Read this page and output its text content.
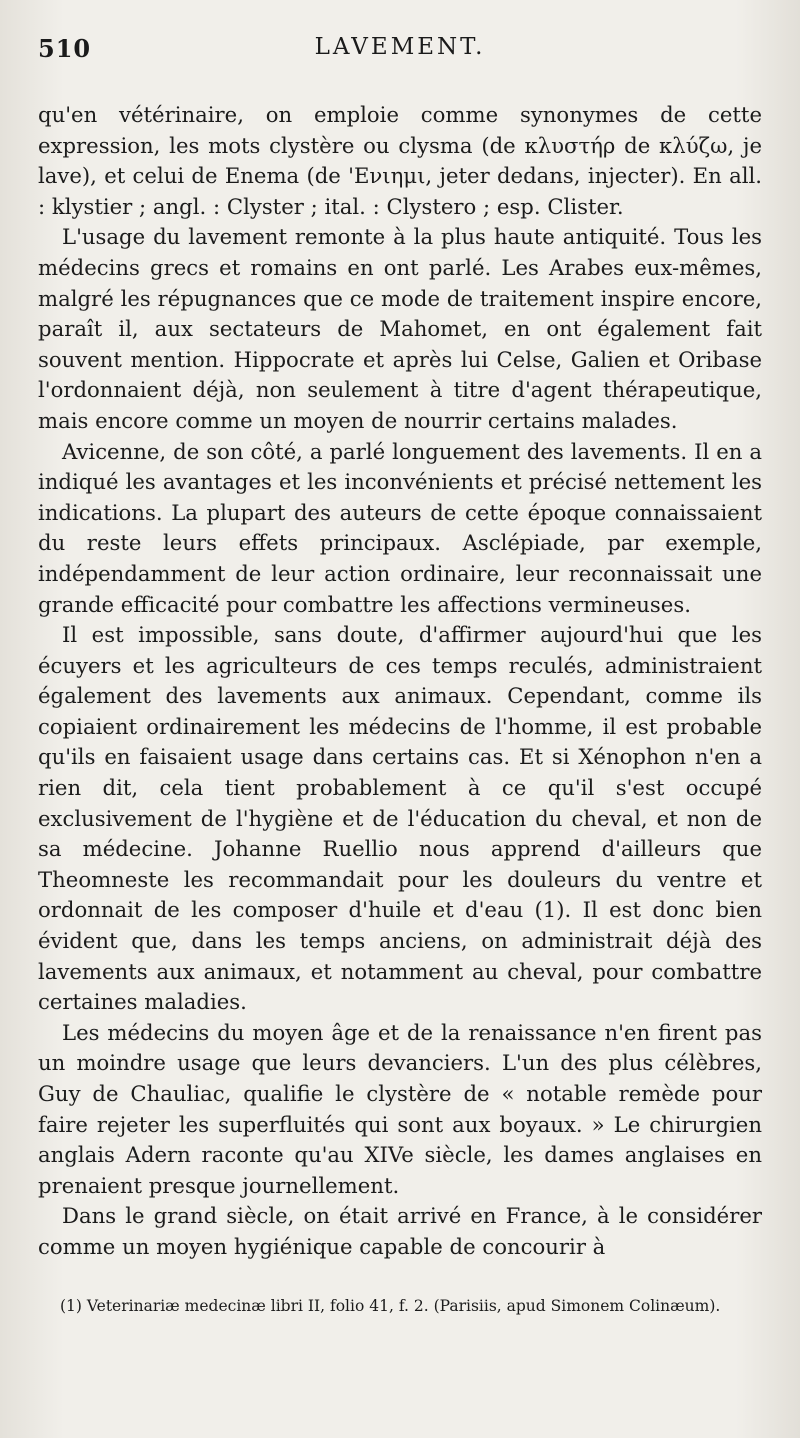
510	LAVEMENT.

qu'en vétérinaire, on emploie comme synonymes de cette expression, les mots clystère ou clysma (de κλυστήρ de κλύζω, je lave), et celui de Enema (de 'Ενιημι, jeter dedans, injecter). En all. : klystier ; angl. : Clyster ; ital. : Clystero ; esp. Clister.

L'usage du lavement remonte à la plus haute antiquité. Tous les médecins grecs et romains en ont parlé. Les Arabes eux-mêmes, malgré les répugnances que ce mode de traitement inspire encore, paraît il, aux sectateurs de Mahomet, en ont également fait souvent mention. Hippocrate et après lui Celse, Galien et Oribase l'ordonnaient déjà, non seulement à titre d'agent thérapeutique, mais encore comme un moyen de nourrir certains malades.

Avicenne, de son côté, a parlé longuement des lavements. Il en a indiqué les avantages et les inconvénients et précisé nettement les indications. La plupart des auteurs de cette époque connaissaient du reste leurs effets principaux. Asclépiade, par exemple, indépendamment de leur action ordinaire, leur reconnaissait une grande efficacité pour combattre les affections vermineuses.

Il est impossible, sans doute, d'affirmer aujourd'hui que les écuyers et les agriculteurs de ces temps reculés, administraient également des lavements aux animaux. Cependant, comme ils copiaient ordinairement les médecins de l'homme, il est probable qu'ils en faisaient usage dans certains cas. Et si Xénophon n'en a rien dit, cela tient probablement à ce qu'il s'est occupé exclusivement de l'hygiène et de l'éducation du cheval, et non de sa médecine. Johanne Ruellio nous apprend d'ailleurs que Theomneste les recommandait pour les douleurs du ventre et ordonnait de les composer d'huile et d'eau (1). Il est donc bien évident que, dans les temps anciens, on administrait déjà des lavements aux animaux, et notamment au cheval, pour combattre certaines maladies.

Les médecins du moyen âge et de la renaissance n'en firent pas un moindre usage que leurs devanciers. L'un des plus célèbres, Guy de Chauliac, qualifie le clystère de « notable remède pour faire rejeter les superfluités qui sont aux boyaux. » Le chirurgien anglais Adern raconte qu'au XIVe siècle, les dames anglaises en prenaient presque journellement.

Dans le grand siècle, on était arrivé en France, à le considérer comme un moyen hygiénique capable de concourir à

(1) Veterinariæ medecinæ libri II, folio 41, f. 2. (Parisiis, apud Simonem Colinæum).
